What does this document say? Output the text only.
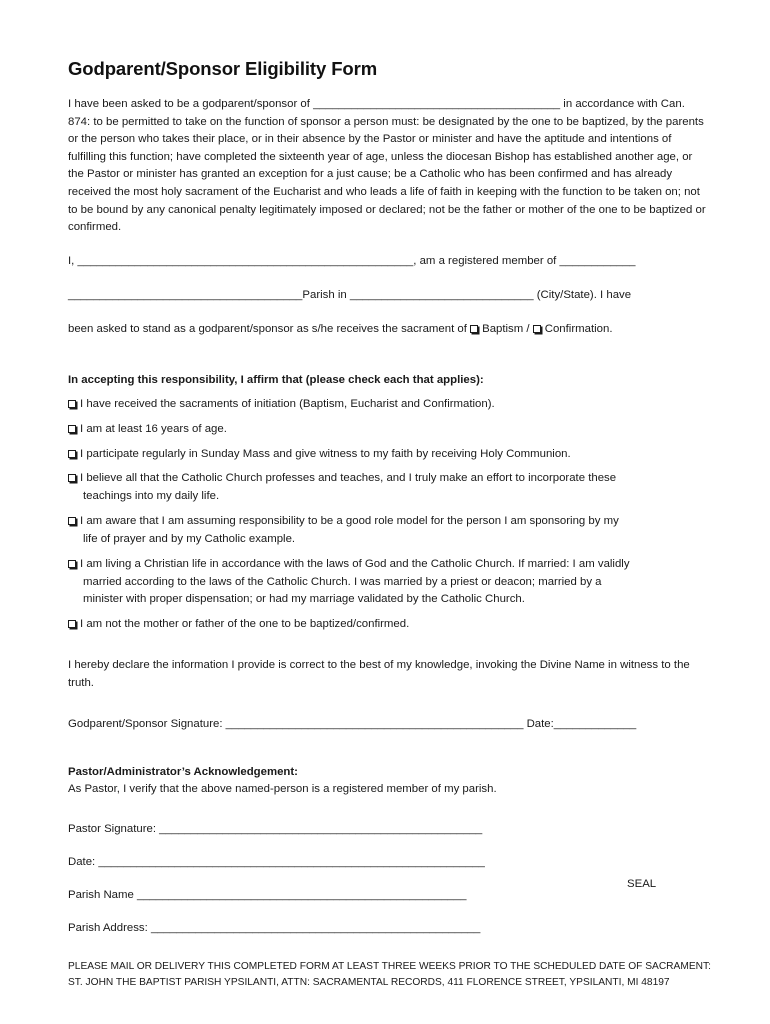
Godparent/Sponsor Eligibility Form
I have been asked to be a godparent/sponsor of _______________________________________ in accordance with Can. 874: to be permitted to take on the function of sponsor a person must: be designated by the one to be baptized, by the parents or the person who takes their place, or in their absence by the Pastor or minister and have the aptitude and intentions of fulfilling this function; have completed the sixteenth year of age, unless the diocesan Bishop has established another age, or the Pastor or minister has granted an exception for a just cause; be a Catholic who has been confirmed and has already received the most holy sacrament of the Eucharist and who leads a life of faith in keeping with the function to be taken on; not to be bound by any canonical penalty legitimately imposed or declared; not be the father or mother of the one to be baptized or confirmed.
I, _____________________________________________________, am a registered member of ____________
_____________________________________Parish in _____________________________ (City/State). I have
been asked to stand as a godparent/sponsor as s/he receives the sacrament of Baptism / Confirmation.
In accepting this responsibility, I affirm that (please check each that applies):
I have received the sacraments of initiation (Baptism, Eucharist and Confirmation).
I am at least 16 years of age.
I participate regularly in Sunday Mass and give witness to my faith by receiving Holy Communion.
I believe all that the Catholic Church professes and teaches, and I truly make an effort to incorporate these
teachings into my daily life.
I am aware that I am assuming responsibility to be a good role model for the person I am sponsoring by my
life of prayer and by my Catholic example.
I am living a Christian life in accordance with the laws of God and the Catholic Church. If married: I am validly
married according to the laws of the Catholic Church. I was married by a priest or deacon; married by a
minister with proper dispensation; or had my marriage validated by the Catholic Church.
I am not the mother or father of the one to be baptized/confirmed.
I hereby declare the information I provide is correct to the best of my knowledge, invoking the Divine Name in witness to the truth.
Godparent/Sponsor Signature: _______________________________________________ Date:_____________
Pastor/Administrator’s Acknowledgement:
As Pastor, I verify that the above named-person is a registered member of my parish.
Pastor Signature: ___________________________________________________
Date: _____________________________________________________________
Parish Name ____________________________________________________
Parish Address: ____________________________________________________
SEAL
PLEASE MAIL OR DELIVERY THIS COMPLETED FORM AT LEAST THREE WEEKS PRIOR TO THE SCHEDULED DATE OF SACRAMENT:
ST. JOHN THE BAPTIST PARISH YPSILANTI, ATTN: SACRAMENTAL RECORDS, 411 FLORENCE STREET, YPSILANTI, MI 48197
